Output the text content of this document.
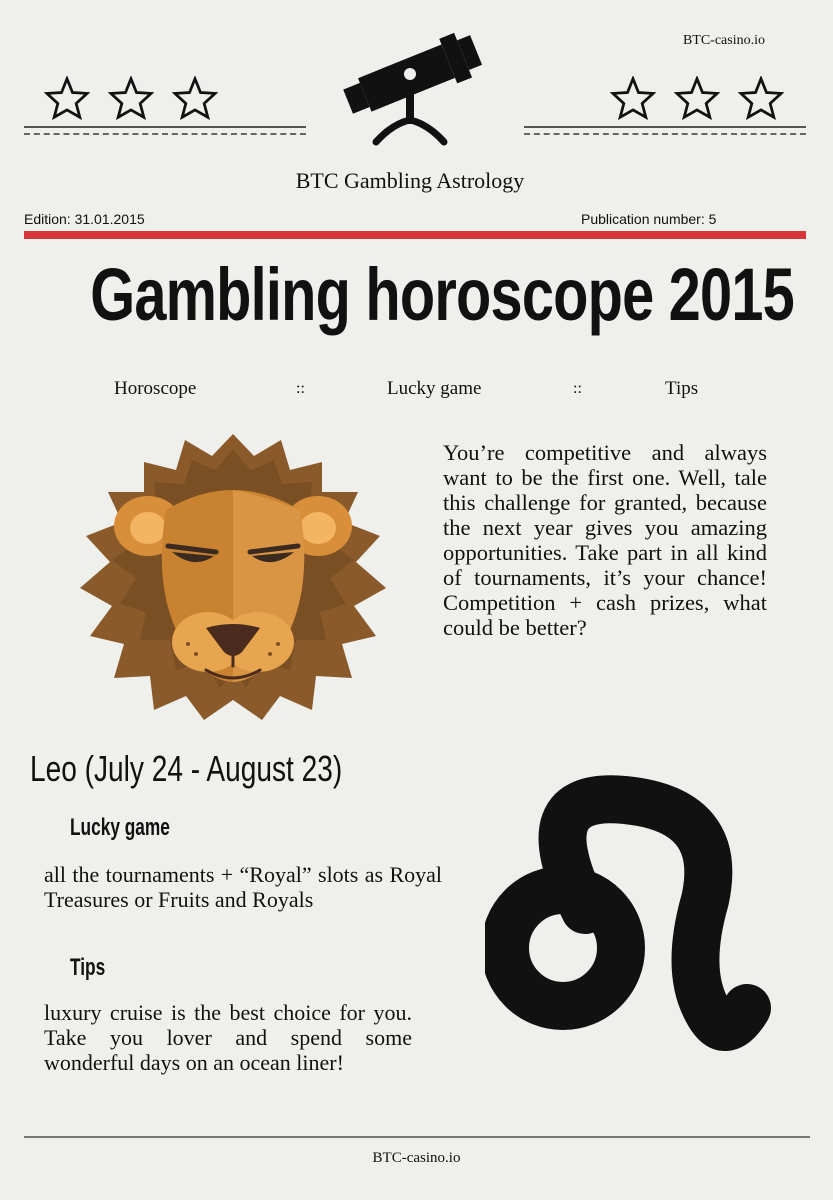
BTC-casino.io
BTC Gambling Astrology
Edition: 31.01.2015	Publication number: 5
Gambling horoscope 2015
Horoscope	::	Lucky game	::	Tips
You’re competitive and always want to be the first one. Well, tale this challenge for granted, because the next year gives you amazing opportunities. Take part in all kind of tournaments, it’s your chance! Competition + cash prizes, what could be better?
Leo (July 24 - August 23)
Lucky game
all the tournaments + “Royal” slots as Royal Treasures or Fruits and Royals
Tips
luxury cruise is the best choice for you. Take you lover and spend some wonderful days on an ocean liner!
BTC-casino.io
